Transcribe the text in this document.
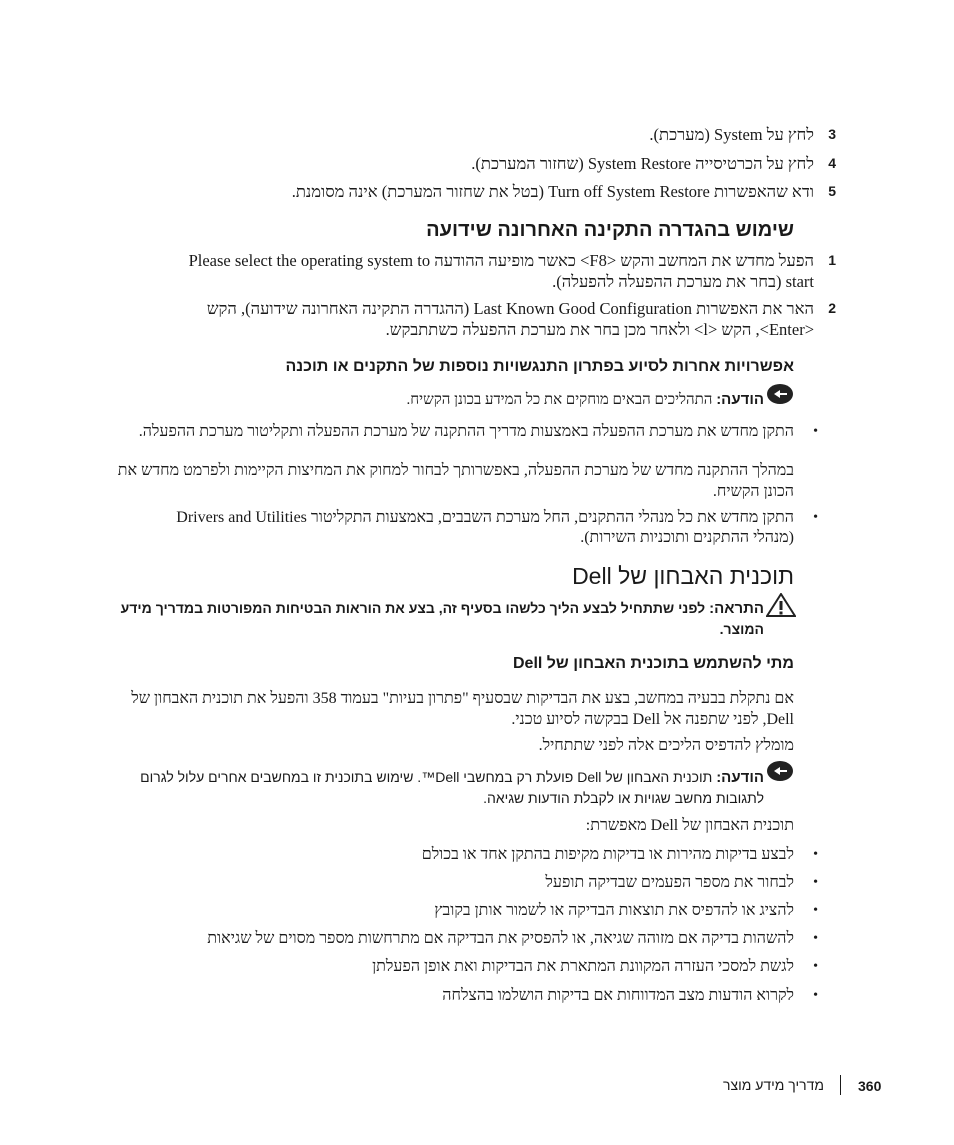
3
לחץ על System (מערכת).
4
לחץ על הכרטיסייה System Restore (שחזור המערכת).
5
ודא שהאפשרות Turn off System Restore (בטל את שחזור המערכת) אינה מסומנת.
שימוש בהגדרה התקינה האחרונה שידועה
1
הפעל מחדש את המחשב והקש <F8> כאשר מופיעה ההודעה Please select the operating system to start (בחר את מערכת ההפעלה להפעלה).
2
האר את האפשרות Last Known Good Configuration (ההגדרה התקינה האחרונה שידועה), הקש <Enter>, הקש <l> ולאחר מכן בחר את מערכת ההפעלה כשתתבקש.
אפשרויות אחרות לסיוע בפתרון התנגשויות נוספות של התקנים או תוכנה
הודעה: התהליכים הבאים מוחקים את כל המידע בכונן הקשיח.
•
התקן מחדש את מערכת ההפעלה באמצעות מדריך ההתקנה של מערכת ההפעלה ותקליטור מערכת ההפעלה.
במהלך ההתקנה מחדש של מערכת ההפעלה, באפשרותך לבחור למחוק את המחיצות הקיימות ולפרמט מחדש את הכונן הקשיח.
•
התקן מחדש את כל מנהלי ההתקנים, החל מערכת השבבים, באמצעות התקליטור Drivers and Utilities (מנהלי ההתקנים ותוכניות השירות).
תוכנית האבחון של Dell
התראה: לפני שתתחיל לבצע הליך כלשהו בסעיף זה, בצע את הוראות הבטיחות המפורטות במדריך מידע המוצר.
מתי להשתמש בתוכנית האבחון של Dell
אם נתקלת בבעיה במחשב, בצע את הבדיקות שבסעיף "פתרון בעיות" בעמוד 358 והפעל את תוכנית האבחון של Dell, לפני שתפנה אל Dell בבקשה לסיוע טכני.
מומלץ להדפיס הליכים אלה לפני שתתחיל.
הודעה: תוכנית האבחון של Dell פועלת רק במחשבי Dell™. שימוש בתוכנית זו במחשבים אחרים עלול לגרום לתגובות מחשב שגויות או לקבלת הודעות שגיאה.
תוכנית האבחון של Dell מאפשרת:
•
לבצע בדיקות מהירות או בדיקות מקיפות בהתקן אחד או בכולם
•
לבחור את מספר הפעמים שבדיקה תופעל
•
להציג או להדפיס את תוצאות הבדיקה או לשמור אותן בקובץ
•
להשהות בדיקה אם מזוהה שגיאה, או להפסיק את הבדיקה אם מתרחשות מספר מסוים של שגיאות
•
לגשת למסכי העזרה המקוונת המתארת את הבדיקות ואת אופן הפעלתן
•
לקרוא הודעות מצב המדווחות אם בדיקות הושלמו בהצלחה
מדריך מידע מוצר 360
